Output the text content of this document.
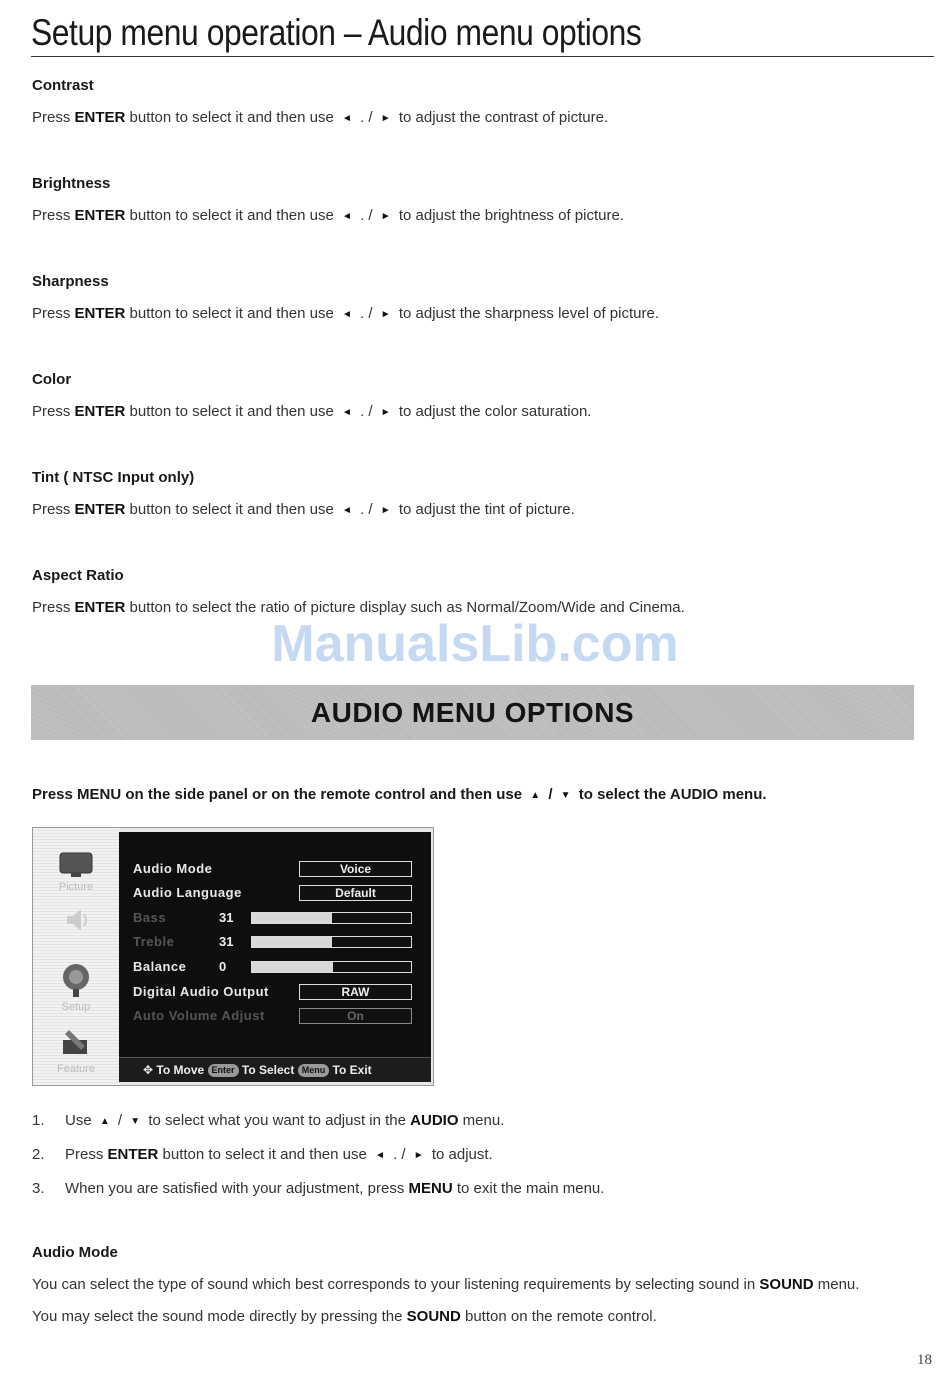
Setup menu operation – Audio menu options
Contrast
Press ENTER button to select it and then use ◄ . / ► to adjust the contrast of picture.
Brightness
Press ENTER button to select it and then use ◄ . / ► to adjust the brightness of picture.
Sharpness
Press ENTER button to select it and then use ◄ . / ► to adjust the sharpness level of picture.
Color
Press ENTER button to select it and then use ◄ . / ► to adjust the color saturation.
Tint ( NTSC Input only)
Press ENTER button to select it and then use ◄ . / ► to adjust the tint of picture.
Aspect Ratio
Press ENTER button to select the ratio of picture display such as Normal/Zoom/Wide and Cinema.
ManualsLib.com
AUDIO MENU OPTIONS
Press MENU on the side panel or on the remote control and then use ▲ / ▼ to select the AUDIO menu.
Picture
Setup
Feature
Audio Mode	Voice
Audio Language	Default
Bass	31
Treble	31
Balance	0
Digital Audio Output	RAW
Auto Volume Adjust	On
✥ To Move Enter To Select Menu To Exit
1. Use ▲ / ▼ to select what you want to adjust in the AUDIO menu.
2. Press ENTER button to select it and then use ◄ . / ► to adjust.
3. When you are satisfied with your adjustment, press MENU to exit the main menu.
Audio Mode
You can select the type of sound which best corresponds to your listening requirements by selecting sound in SOUND menu.
You may select the sound mode directly by pressing the SOUND button on the remote control.
18
